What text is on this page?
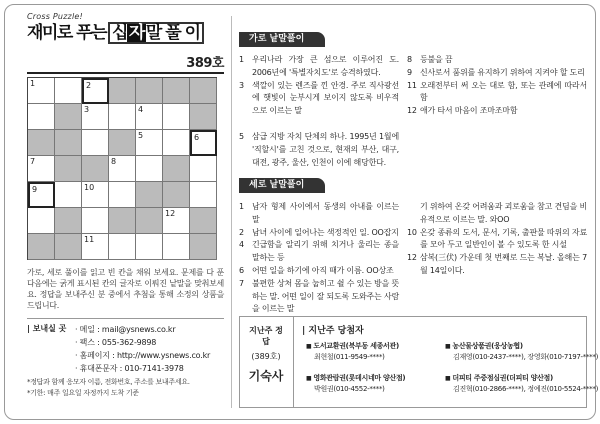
Cross Puzzle!
재미로 푸는 십 자 말 풀 이
389호
1	2
3	4
5	6
7	8
9	10
12
11
가로, 세로 풀이를 읽고 빈 칸을 채워 보세요. 문제를 다 푼 다음에는 굵게 표시된 칸의 글자로 이뤄진 낱말을 맞춰보세요. 정답을 보내주신 분 중에서 추첨을 통해 소정의 상품을 드립니다.
| 보내실 곳 · 메일 : mail@ysnews.co.kr
· 팩스 : 055-362-9898
· 홈페이지 : http://www.ysnews.co.kr
· 휴대폰문자 : 010-7141-3978
*정답과 함께 응모자 이름, 전화번호, 주소를 보내주세요.
*기한: 매주 일요일 자정까지 도착 기준
가로 낱말풀이
1 우리나라 가장 큰 섬으로 이루어진 도. 2006년에 '특별자치도'로 승격하였다.
3 색깔이 있는 렌즈를 낀 안경. 주로 직사광선에 햇빛이 눈부시게 보이지 않도록 비우적으로 이르는 말
5 삼급 지방 자치 단체의 하나. 1995년 1월에 '직할시'를 고친 것으로, 현재의 부산, 대구, 대전, 광주, 울산, 인천이 이에 해당한다.
8 등불을 끔
9 신사로서 품위를 유지하기 위하여 지켜야 할 도리
11 오래전부터 써 오는 대로 함, 또는 관례에 따라서 함
12 애가 타서 마음이 조마조마함
세로 낱말풀이
1 남자 형제 사이에서 동생의 아내를 이르는 말
2 남녀 사이에 일어나는 색정적인 일. OO잡지
4 긴급함을 알리기 위해 치거나 울리는 종을 말하는 등
6 어떤 일을 하기에 아직 때가 이름. OO상조
7 불편한 상처 몸을 눕히고 쉴 수 있는 방을 뜻하는 말. 어떤 일이 잘 되도록 도와주는 사람을 이르는 말
기 위하여 온갖 어려움과 괴로움을 참고 견딤을 비유적으로 이르는 말. 와OO
10 온갖 종류의 도서, 문서, 기록, 출판물 따위의 자료를 모아 두고 일반인이 볼 수 있도록 한 시설
12 삼복(三伏) 가운데 첫 번째로 드는 복날. 올해는 7월 14일이다.
지난주 정답
(389호)
기숙사
| 지난주 당첨자
■ 도서교환권(북부동 세종서관)
최현철(011-9549-****)
■ 농산물상품권(웅상농협)
김재영(010-2437-****), 장영화(010-7197-****)
■ 영화관람권(롯데시네마 양산점)
박원권(010-4552-****)
■ 더피티 주중점심권(더피티 양산점)
김진혁(010-2866-****), 정예진(010-5524-****)
